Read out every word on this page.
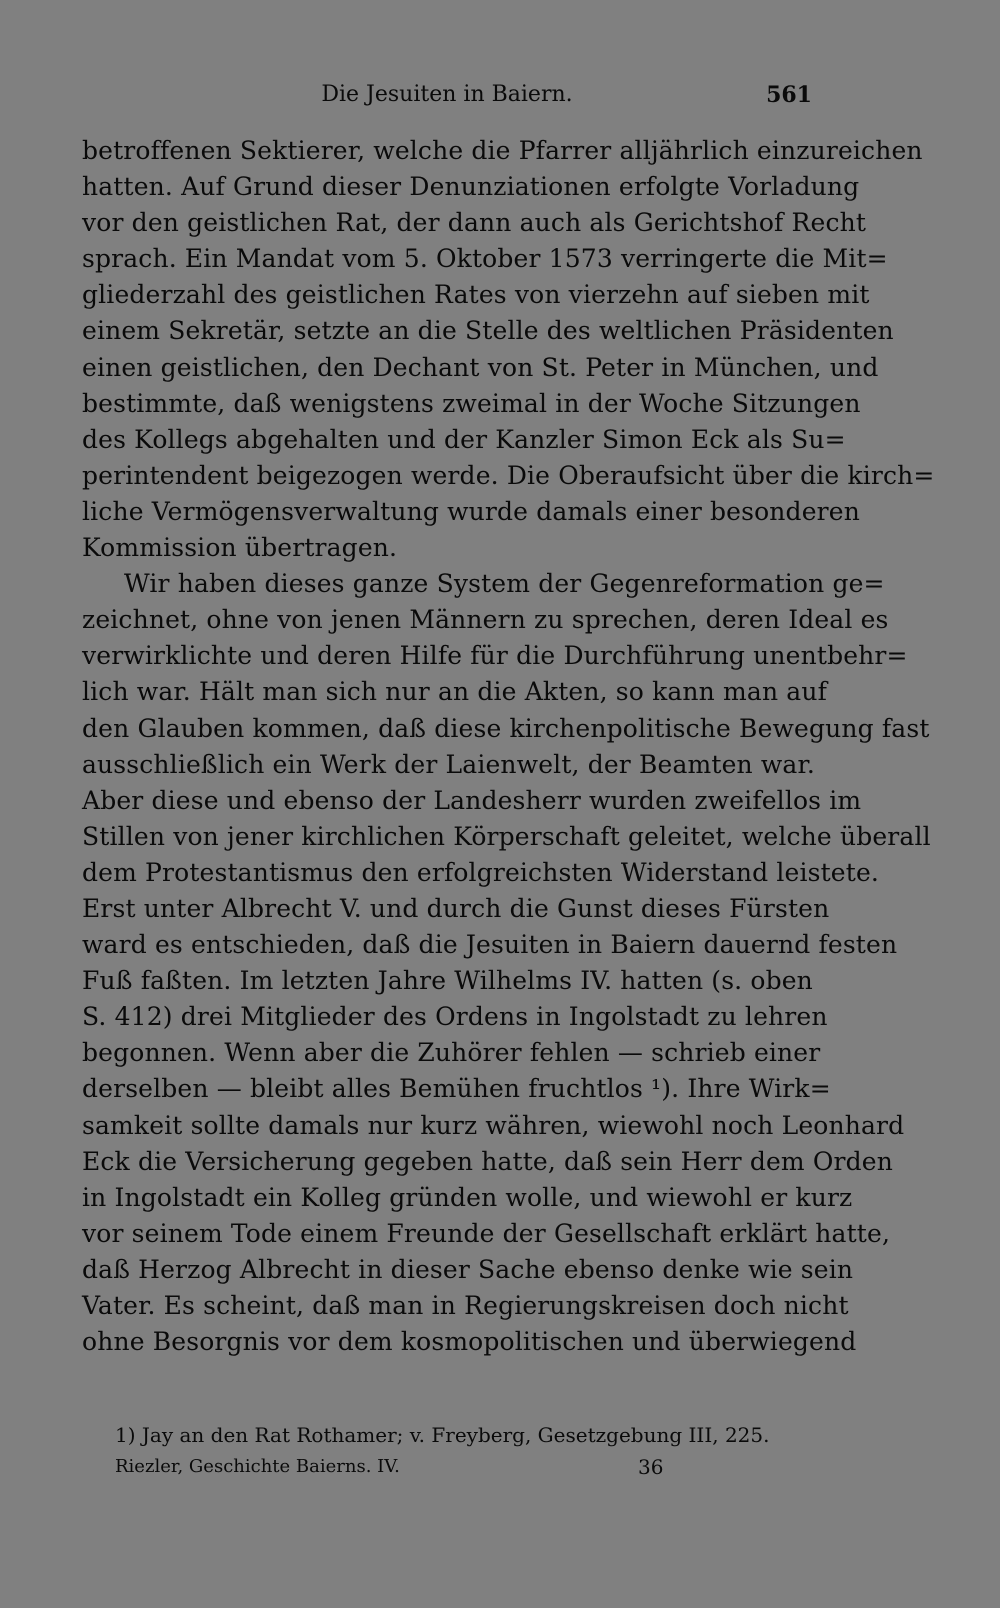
Die Jesuiten in Baiern.	561
betroffenen Sektierer, welche die Pfarrer alljährlich einzureichen
hatten. Auf Grund dieser Denunziationen erfolgte Vorladung
vor den geistlichen Rat, der dann auch als Gerichtshof Recht
sprach. Ein Mandat vom 5. Oktober 1573 verringerte die Mit=
gliederzahl des geistlichen Rates von vierzehn auf sieben mit
einem Sekretär, setzte an die Stelle des weltlichen Präsidenten
einen geistlichen, den Dechant von St. Peter in München, und
bestimmte, daß wenigstens zweimal in der Woche Sitzungen
des Kollegs abgehalten und der Kanzler Simon Eck als Su=
perintendent beigezogen werde. Die Oberaufsicht über die kirch=
liche Vermögensverwaltung wurde damals einer besonderen
Kommission übertragen.
Wir haben dieses ganze System der Gegenreformation ge=
zeichnet, ohne von jenen Männern zu sprechen, deren Ideal es
verwirklichte und deren Hilfe für die Durchführung unentbehr=
lich war. Hält man sich nur an die Akten, so kann man auf
den Glauben kommen, daß diese kirchenpolitische Bewegung fast
ausschließlich ein Werk der Laienwelt, der Beamten war.
Aber diese und ebenso der Landesherr wurden zweifellos im
Stillen von jener kirchlichen Körperschaft geleitet, welche überall
dem Protestantismus den erfolgreichsten Widerstand leistete.
Erst unter Albrecht V. und durch die Gunst dieses Fürsten
ward es entschieden, daß die Jesuiten in Baiern dauernd festen
Fuß faßten. Im letzten Jahre Wilhelms IV. hatten (s. oben
S. 412) drei Mitglieder des Ordens in Ingolstadt zu lehren
begonnen. Wenn aber die Zuhörer fehlen — schrieb einer
derselben — bleibt alles Bemühen fruchtlos ¹). Ihre Wirk=
samkeit sollte damals nur kurz währen, wiewohl noch Leonhard
Eck die Versicherung gegeben hatte, daß sein Herr dem Orden
in Ingolstadt ein Kolleg gründen wolle, und wiewohl er kurz
vor seinem Tode einem Freunde der Gesellschaft erklärt hatte,
daß Herzog Albrecht in dieser Sache ebenso denke wie sein
Vater. Es scheint, daß man in Regierungskreisen doch nicht
ohne Besorgnis vor dem kosmopolitischen und überwiegend
1) Jay an den Rat Rothamer; v. Freyberg, Gesetzgebung III, 225.
Riezler, Geschichte Baierns. IV.	36
